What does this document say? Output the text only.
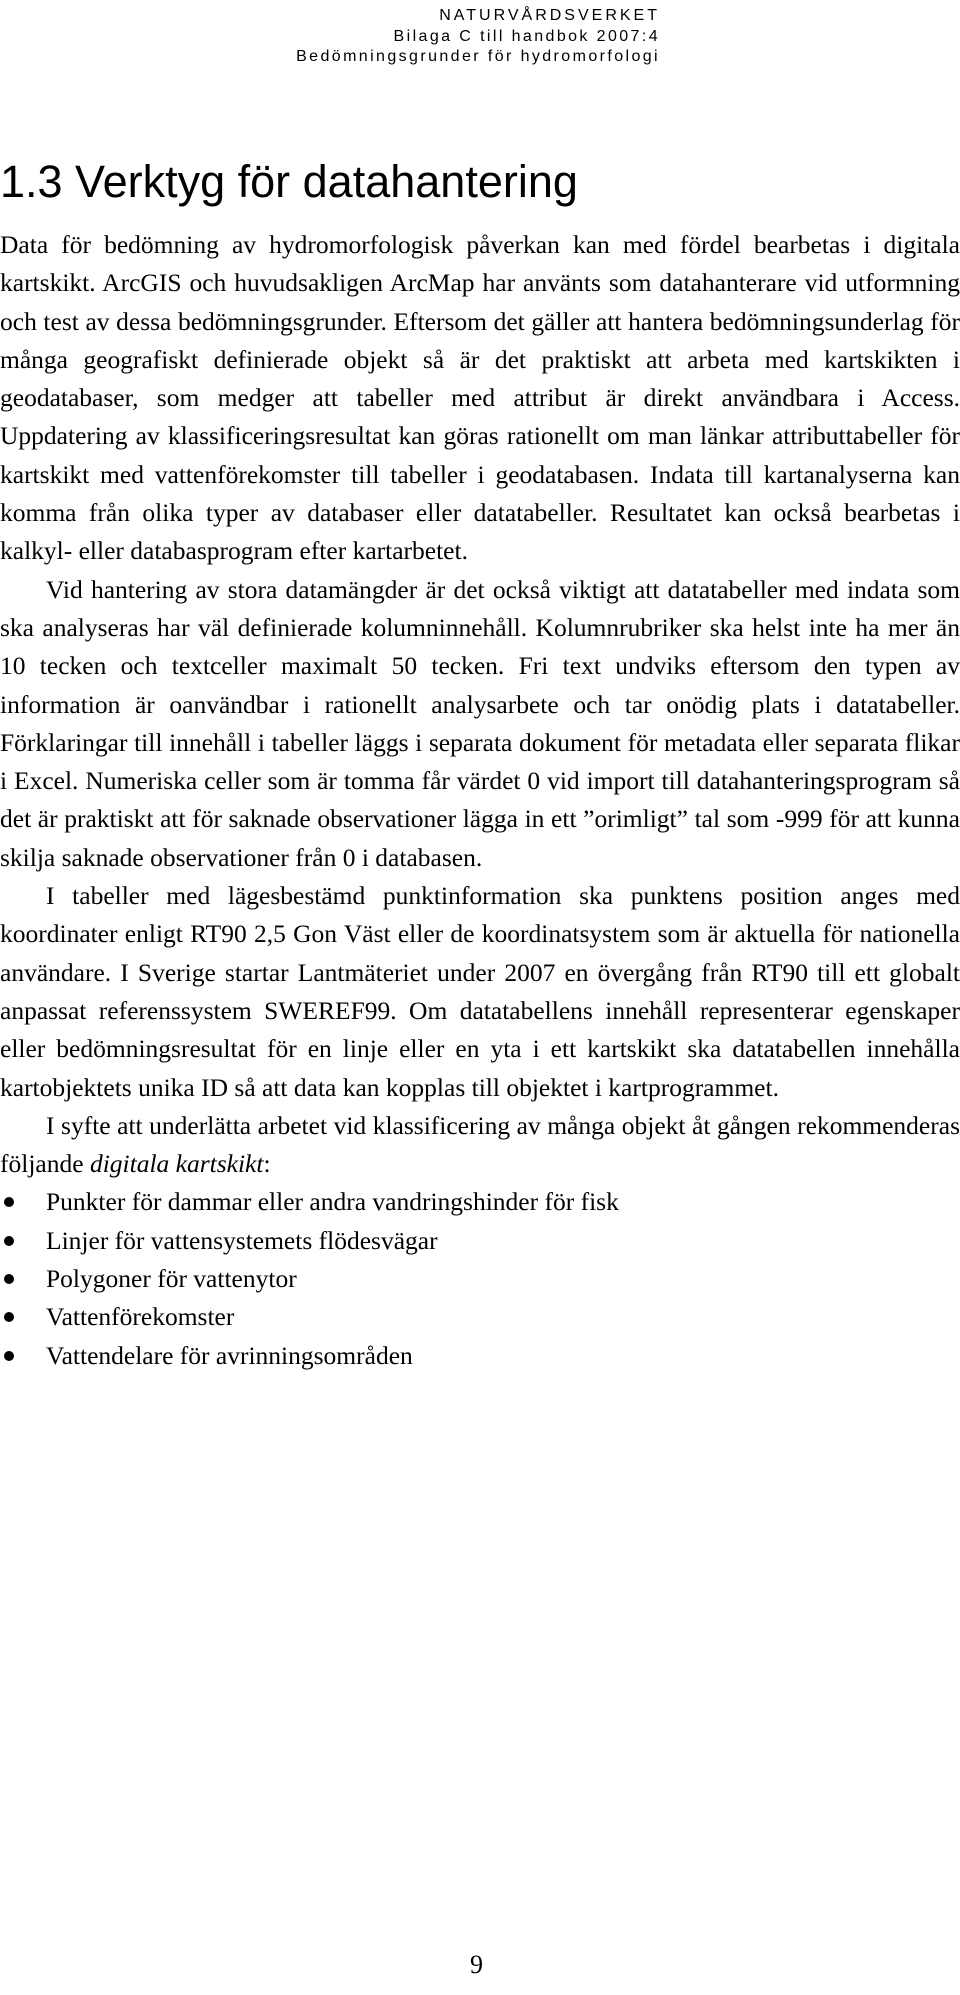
NATURVÅRDSVERKET
Bilaga C till handbok 2007:4
Bedömningsgrunder för hydromorfologi
1.3 Verktyg för datahantering

Data för bedömning av hydromorfologisk påverkan kan med fördel bearbetas i digitala kartskikt. ArcGIS och huvudsakligen ArcMap har använts som datahanterare vid utformning och test av dessa bedömningsgrunder. Eftersom det gäller att hantera bedömningsunderlag för många geografiskt definierade objekt så är det praktiskt att arbeta med kartskikten i geodatabaser, som medger att tabeller med attribut är direkt användbara i Access. Uppdatering av klassificeringsresultat kan göras rationellt om man länkar attributtabeller för kartskikt med vattenförekomster till tabeller i geodatabasen. Indata till kartanalyserna kan komma från olika typer av databaser eller datatabeller. Resultatet kan också bearbetas i kalkyl- eller databasprogram efter kartarbetet.

Vid hantering av stora datamängder är det också viktigt att datatabeller med indata som ska analyseras har väl definierade kolumninnehåll. Kolumnrubriker ska helst inte ha mer än 10 tecken och textceller maximalt 50 tecken. Fri text undviks eftersom den typen av information är oanvändbar i rationellt analysarbete och tar onödig plats i datatabeller. Förklaringar till innehåll i tabeller läggs i separata dokument för metadata eller separata flikar i Excel. Numeriska celler som är tomma får värdet 0 vid import till datahanteringsprogram så det är praktiskt att för saknade observationer lägga in ett ”orimligt” tal som -999 för att kunna skilja saknade observationer från 0 i databasen.

I tabeller med lägesbestämd punktinformation ska punktens position anges med koordinater enligt RT90 2,5 Gon Väst eller de koordinatsystem som är aktuella för nationella användare. I Sverige startar Lantmäteriet under 2007 en övergång från RT90 till ett globalt anpassat referenssystem SWEREF99. Om datatabellens innehåll representerar egenskaper eller bedömningsresultat för en linje eller en yta i ett kartskikt ska datatabellen innehålla kartobjektets unika ID så att data kan kopplas till objektet i kartprogrammet.

I syfte att underlätta arbetet vid klassificering av många objekt åt gången rekommenderas följande digitala kartskikt:

Punkter för dammar eller andra vandringshinder för fisk
Linjer för vattensystemets flödesvägar
Polygoner för vattenytor
Vattenförekomster
Vattendelare för avrinningsområden
9
